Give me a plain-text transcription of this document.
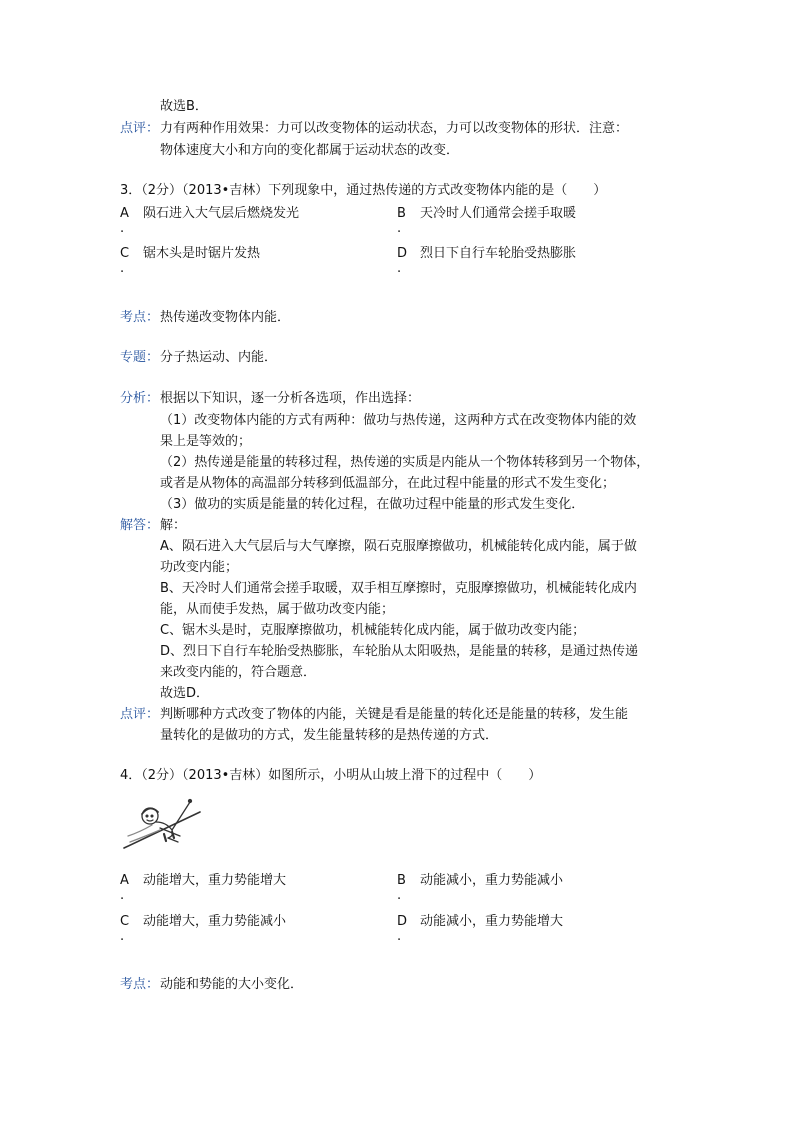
故选B．
点评： 力有两种作用效果：力可以改变物体的运动状态，力可以改变物体的形状．注意：
物体速度大小和方向的变化都属于运动状态的改变．
3．（2分）（2013•吉林）下列现象中，通过热传递的方式改变物体内能的是（　　）
A 陨石进入大气层后燃烧发光
.
B 天冷时人们通常会搓手取暖
.
C 锯木头是时锯片发热
.
D 烈日下自行车轮胎受热膨胀
.
考点： 热传递改变物体内能．
专题： 分子热运动、内能．
分析： 根据以下知识，逐一分析各选项，作出选择：
（1）改变物体内能的方式有两种：做功与热传递，这两种方式在改变物体内能的效
果上是等效的；
（2）热传递是能量的转移过程，热传递的实质是内能从一个物体转移到另一个物体，
或者是从物体的高温部分转移到低温部分，在此过程中能量的形式不发生变化；
（3）做功的实质是能量的转化过程，在做功过程中能量的形式发生变化．
解答： 解：
A、陨石进入大气层后与大气摩擦，陨石克服摩擦做功，机械能转化成内能，属于做
功改变内能；
B、天冷时人们通常会搓手取暖，双手相互摩擦时，克服摩擦做功，机械能转化成内
能，从而使手发热，属于做功改变内能；
C、锯木头是时，克服摩擦做功，机械能转化成内能，属于做功改变内能；
D、烈日下自行车轮胎受热膨胀，车轮胎从太阳吸热，是能量的转移，是通过热传递
来改变内能的，符合题意．
故选D．
点评： 判断哪种方式改变了物体的内能，关键是看是能量的转化还是能量的转移，发生能
量转化的是做功的方式，发生能量转移的是热传递的方式．
4．（2分）（2013•吉林）如图所示，小明从山坡上滑下的过程中（　　）
A 动能增大，重力势能增大
.
B 动能减小，重力势能减小
.
C 动能增大，重力势能减小
.
D 动能减小，重力势能增大
.
考点： 动能和势能的大小变化．
